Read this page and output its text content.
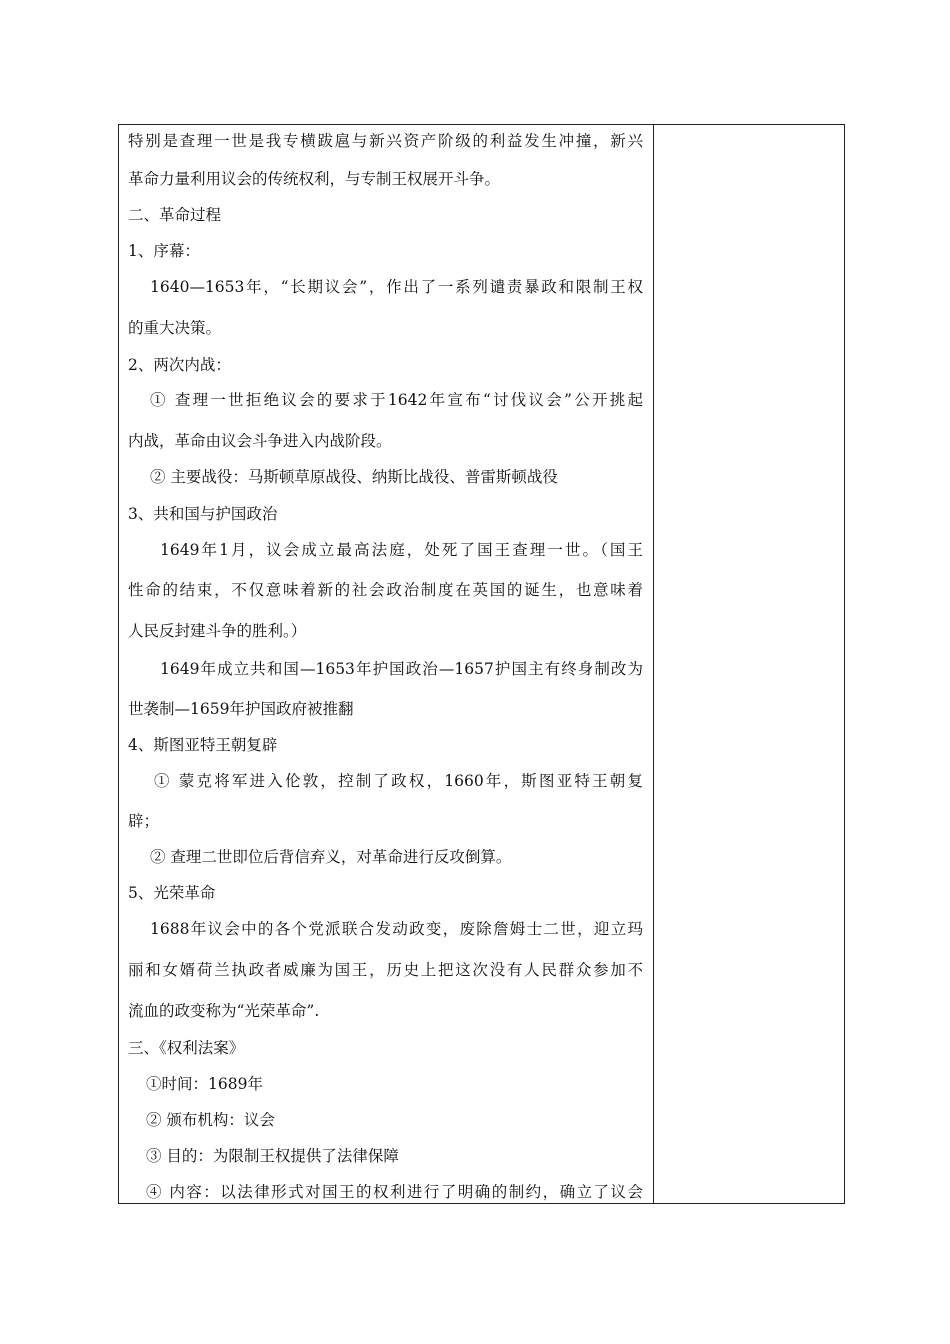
特别是查理一世是我专横跋扈与新兴资产阶级的利益发生冲撞，新兴
革命力量利用议会的传统权利，与专制王权展开斗争。
二、革命过程
1、序幕：
1640—1653年，“长期议会”，作出了一系列谴责暴政和限制王权
的重大决策。
2、两次内战：
① 查理一世拒绝议会的要求于1642年宣布“讨伐议会”公开挑起
内战，革命由议会斗争进入内战阶段。
② 主要战役：马斯顿草原战役、纳斯比战役、普雷斯顿战役
3、共和国与护国政治
1649年1月，议会成立最高法庭，处死了国王查理一世。（国王
性命的结束，不仅意味着新的社会政治制度在英国的诞生，也意味着
人民反封建斗争的胜利。）
1649年成立共和国—1653年护国政治—1657护国主有终身制改为
世袭制—1659年护国政府被推翻
4、斯图亚特王朝复辟
① 蒙克将军进入伦敦，控制了政权，1660年，斯图亚特王朝复
辟；
② 查理二世即位后背信弃义，对革命进行反攻倒算。
5、光荣革命
1688年议会中的各个党派联合发动政变，废除詹姆士二世，迎立玛
丽和女婿荷兰执政者威廉为国王，历史上把这次没有人民群众参加不
流血的政变称为“光荣革命”.
三、《权利法案》
①时间：1689年
② 颁布机构：议会
③ 目的：为限制王权提供了法律保障
④ 内容：以法律形式对国王的权利进行了明确的制约，确立了议会
